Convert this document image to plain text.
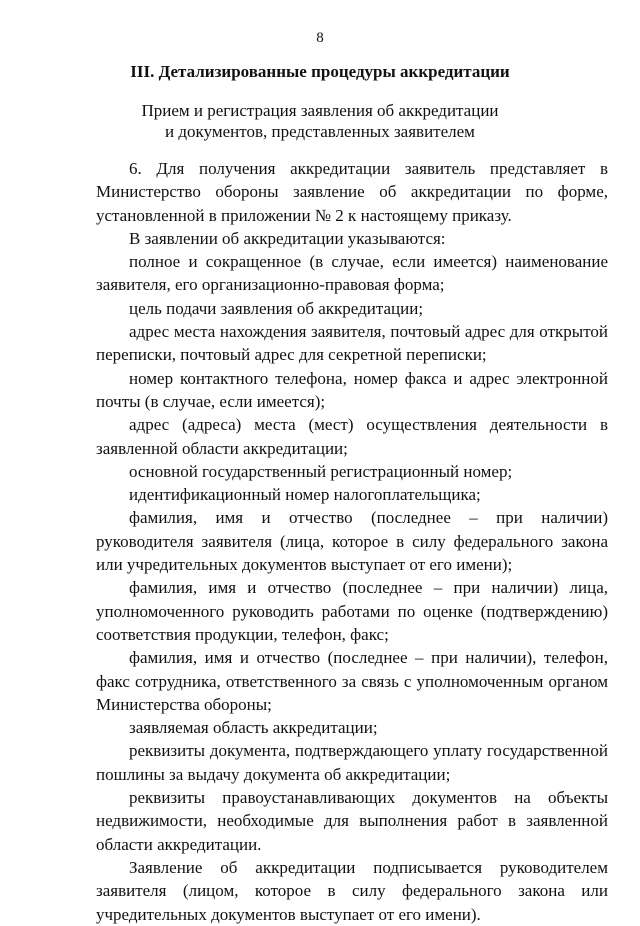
8
III. Детализированные процедуры аккредитации
Прием и регистрация заявления об аккредитации
и документов, представленных заявителем

6. Для получения аккредитации заявитель представляет в Министерство обороны заявление об аккредитации по форме, установленной в приложении № 2 к настоящему приказу.

В заявлении об аккредитации указываются:

полное и сокращенное (в случае, если имеется) наименование заявителя, его организационно-правовая форма;

цель подачи заявления об аккредитации;

адрес места нахождения заявителя, почтовый адрес для открытой переписки, почтовый адрес для секретной переписки;

номер контактного телефона, номер факса и адрес электронной почты (в случае, если имеется);

адрес (адреса) места (мест) осуществления деятельности в заявленной области аккредитации;

основной государственный регистрационный номер;

идентификационный номер налогоплательщика;

фамилия, имя и отчество (последнее – при наличии) руководителя заявителя (лица, которое в силу федерального закона или учредительных документов выступает от его имени);

фамилия, имя и отчество (последнее – при наличии) лица, уполномоченного руководить работами по оценке (подтверждению) соответствия продукции, телефон, факс;

фамилия, имя и отчество (последнее – при наличии), телефон, факс сотрудника, ответственного за связь с уполномоченным органом Министерства обороны;

заявляемая область аккредитации;

реквизиты документа, подтверждающего уплату государственной пошлины за выдачу документа об аккредитации;

реквизиты правоустанавливающих документов на объекты недвижимости, необходимые для выполнения работ в заявленной области аккредитации.

Заявление об аккредитации подписывается руководителем заявителя (лицом, которое в силу федерального закона или учредительных документов выступает от его имени).
